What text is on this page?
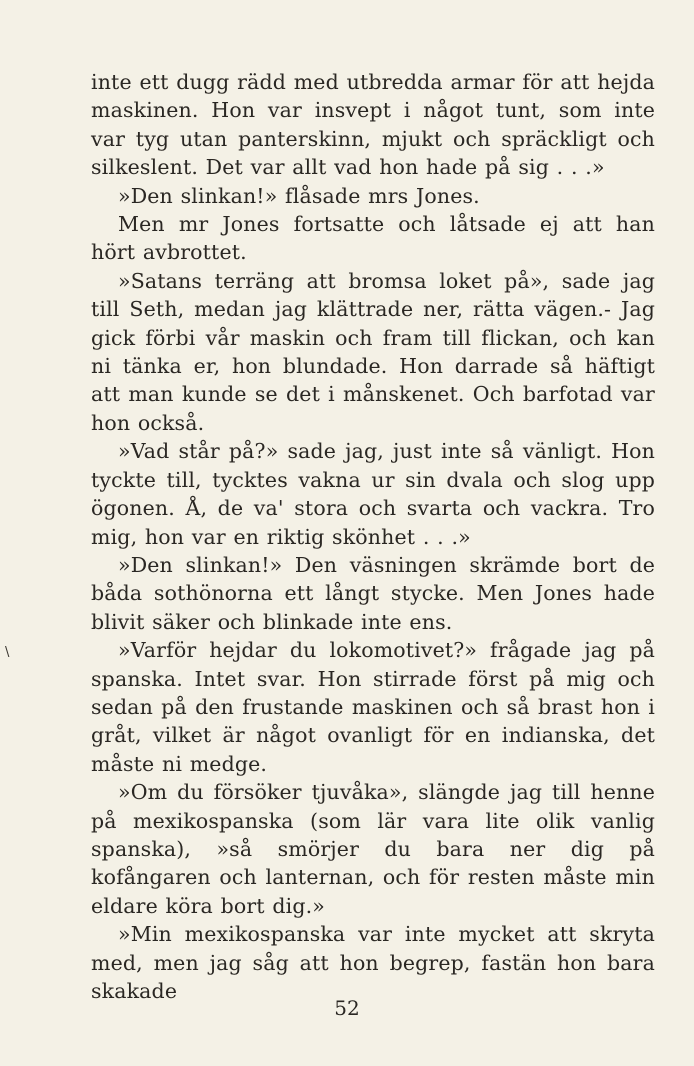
inte ett dugg rädd med utbredda armar för att hejda maskinen. Hon var insvept i något tunt, som inte var tyg utan panterskinn, mjukt och spräckligt och silkeslent. Det var allt vad hon hade på sig . . .»

»Den slinkan!» flåsade mrs Jones.

Men mr Jones fortsatte och låtsade ej att han hört avbrottet.

»Satans terräng att bromsa loket på», sade jag till Seth, medan jag klättrade ner, rätta vägen.- Jag gick förbi vår maskin och fram till flickan, och kan ni tänka er, hon blundade. Hon darrade så häftigt att man kunde se det i månskenet. Och barfotad var hon också.

»Vad står på?» sade jag, just inte så vänligt. Hon tyckte till, tycktes vakna ur sin dvala och slog upp ögonen. Å, de va' stora och svarta och vackra. Tro mig, hon var en riktig skönhet . . .»

»Den slinkan!» Den väsningen skrämde bort de båda sothönorna ett långt stycke. Men Jones hade blivit säker och blinkade inte ens.

»Varför hejdar du lokomotivet?» frågade jag på spanska. Intet svar. Hon stirrade först på mig och sedan på den frustande maskinen och så brast hon i gråt, vilket är något ovanligt för en indianska, det måste ni medge.

»Om du försöker tjuvåka», slängde jag till henne på mexikospanska (som lär vara lite olik vanlig spanska), »så smörjer du bara ner dig på kofångaren och lanternan, och för resten måste min eldare köra bort dig.»

»Min mexikospanska var inte mycket att skryta med, men jag såg att hon begrep, fastän hon bara skakade

\
52
